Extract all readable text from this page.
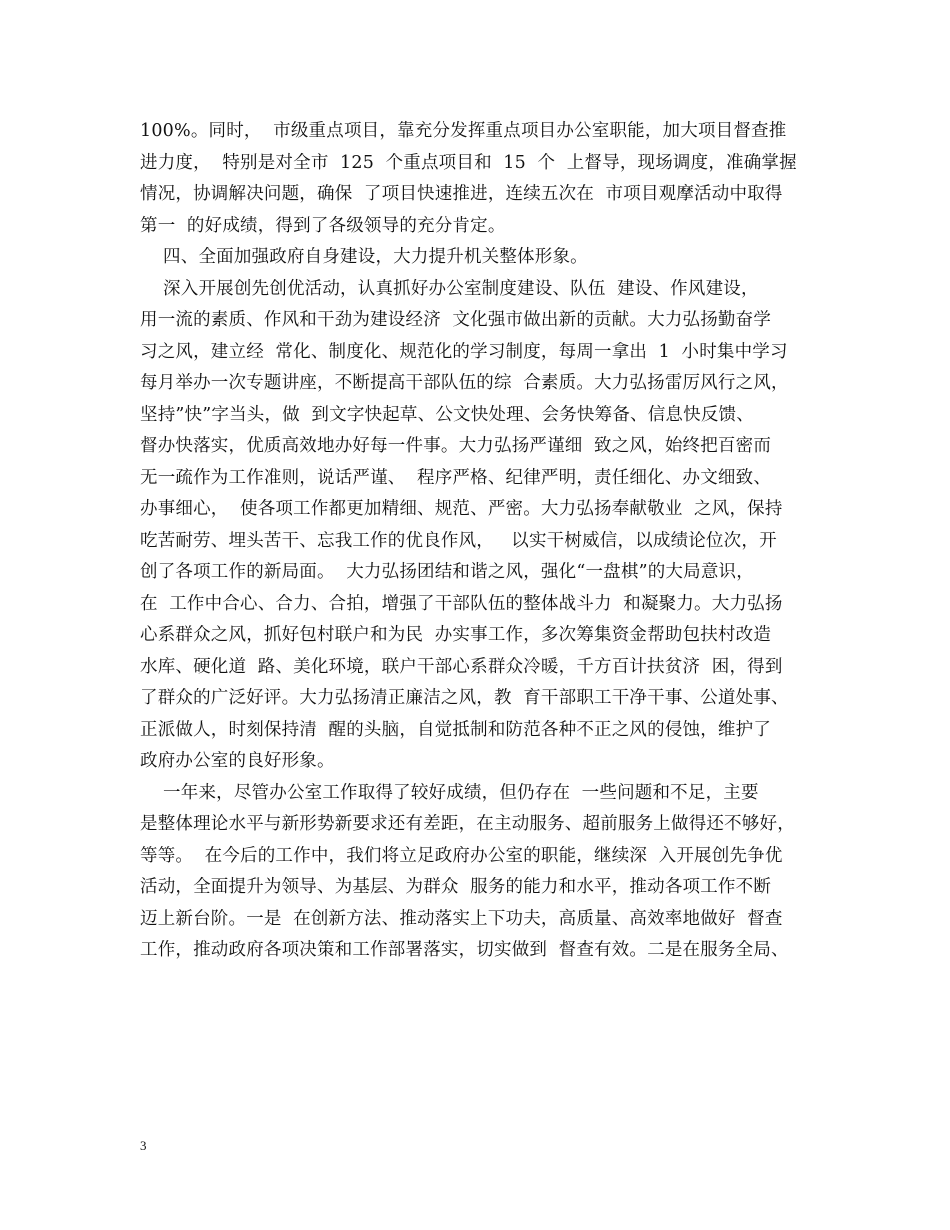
100%。同时，  市级重点项目，靠充分发挥重点项目办公室职能，加大项目督查推
进力度，  特别是对全市  125  个重点项目和  15  个  上督导，现场调度，准确掌握
情况，协调解决问题，确保  了项目快速推进，连续五次在  市项目观摩活动中取得
第一  的好成绩，得到了各级领导的充分肯定。
四、全面加强政府自身建设，大力提升机关整体形象。
深入开展创先创优活动，认真抓好办公室制度建设、队伍  建设、作风建设，
用一流的素质、作风和干劲为建设经济  文化强市做出新的贡献。大力弘扬勤奋学
习之风，建立经  常化、制度化、规范化的学习制度，每周一拿出  1  小时集中学习
每月举办一次专题讲座，不断提高干部队伍的综  合素质。大力弘扬雷厉风行之风，
坚持”快”字当头，做  到文字快起草、公文快处理、会务快筹备、信息快反馈、
督办快落实，优质高效地办好每一件事。大力弘扬严谨细  致之风，始终把百密而
无一疏作为工作准则，说话严谨、  程序严格、纪律严明，责任细化、办文细致、
办事细心，  使各项工作都更加精细、规范、严密。大力弘扬奉献敬业  之风，保持
吃苦耐劳、埋头苦干、忘我工作的优良作风，   以实干树威信，以成绩论位次，开
创了各项工作的新局面。  大力弘扬团结和谐之风，强化“一盘棋”的大局意识，
在  工作中合心、合力、合拍，增强了干部队伍的整体战斗力  和凝聚力。大力弘扬
心系群众之风，抓好包村联户和为民  办实事工作，多次筹集资金帮助包扶村改造
水库、硬化道  路、美化环境，联户干部心系群众冷暖，千方百计扶贫济  困，得到
了群众的广泛好评。大力弘扬清正廉洁之风，教  育干部职工干净干事、公道处事、
正派做人，时刻保持清  醒的头脑，自觉抵制和防范各种不正之风的侵蚀，维护了
政府办公室的良好形象。
一年来，尽管办公室工作取得了较好成绩，但仍存在  一些问题和不足，主要
是整体理论水平与新形势新要求还有差距，在主动服务、超前服务上做得还不够好，
等等。  在今后的工作中，我们将立足政府办公室的职能，继续深  入开展创先争优
活动，全面提升为领导、为基层、为群众  服务的能力和水平，推动各项工作不断
迈上新台阶。一是  在创新方法、推动落实上下功夫，高质量、高效率地做好  督查
工作，推动政府各项决策和工作部署落实，切实做到  督查有效。二是在服务全局、
3
